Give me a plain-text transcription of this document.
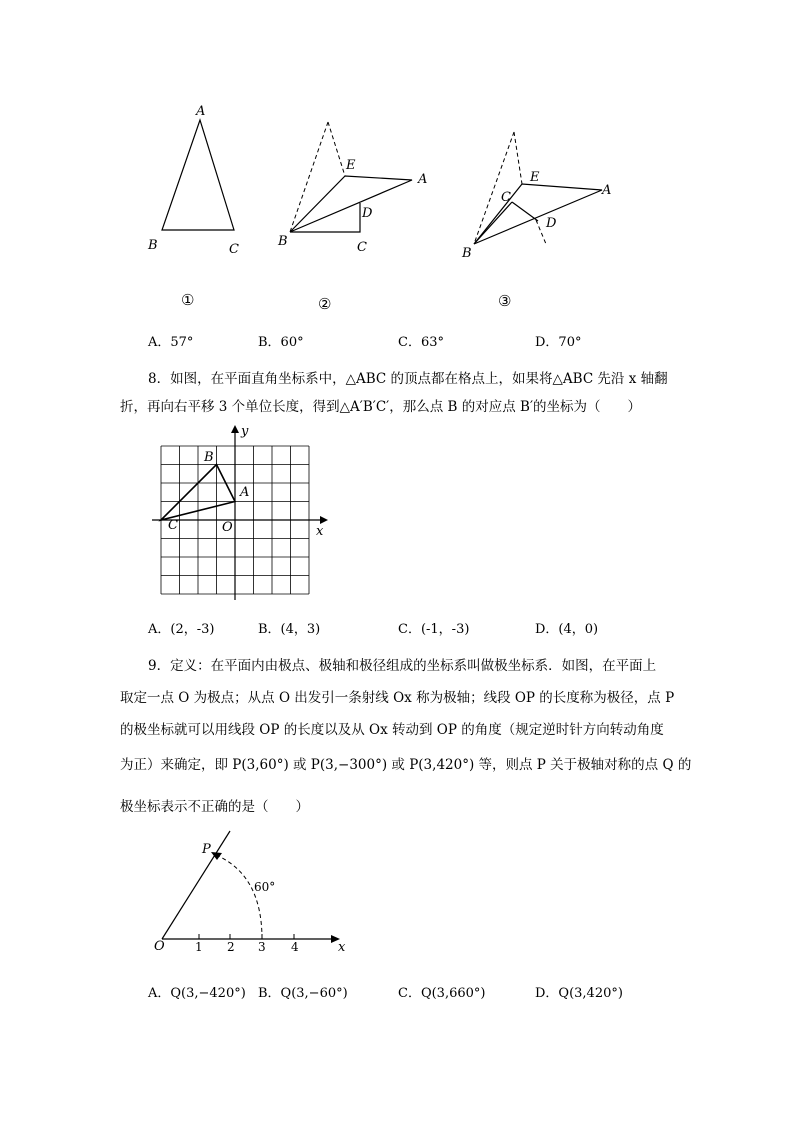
A
B	C
①
E
A
D
B	C
②
C
E
A
D
B
③
A．57°	B．60°	C．63°	D．70°
8．如图，在平面直角坐标系中，△ABC 的顶点都在格点上，如果将△ABC 先沿 x 轴翻
折，再向右平移 3 个单位长度，得到△A′B′C′，那么点 B 的对应点 B′的坐标为（　　）
y
x
B
A
C	O
A．(2，-3)	B．(4，3)	C．(-1，-3)	D．(4，0)
9．定义：在平面内由极点、极轴和极径组成的坐标系叫做极坐标系．如图，在平面上
取定一点 O 为极点；从点 O 出发引一条射线 Ox 称为极轴；线段 OP 的长度称为极径，点 P
的极坐标就可以用线段 OP 的长度以及从 Ox 转动到 OP 的角度（规定逆时针方向转动角度
为正）来确定，即 P(3,60°) 或 P(3,−300°) 或 P(3,420°) 等，则点 P 关于极轴对称的点 Q 的
极坐标表示不正确的是（　　）
P
60°
O	1 2 3 4	x
A．Q(3,−420°) B．Q(3,−60°)	C．Q(3,660°)	D．Q(3,420°)
